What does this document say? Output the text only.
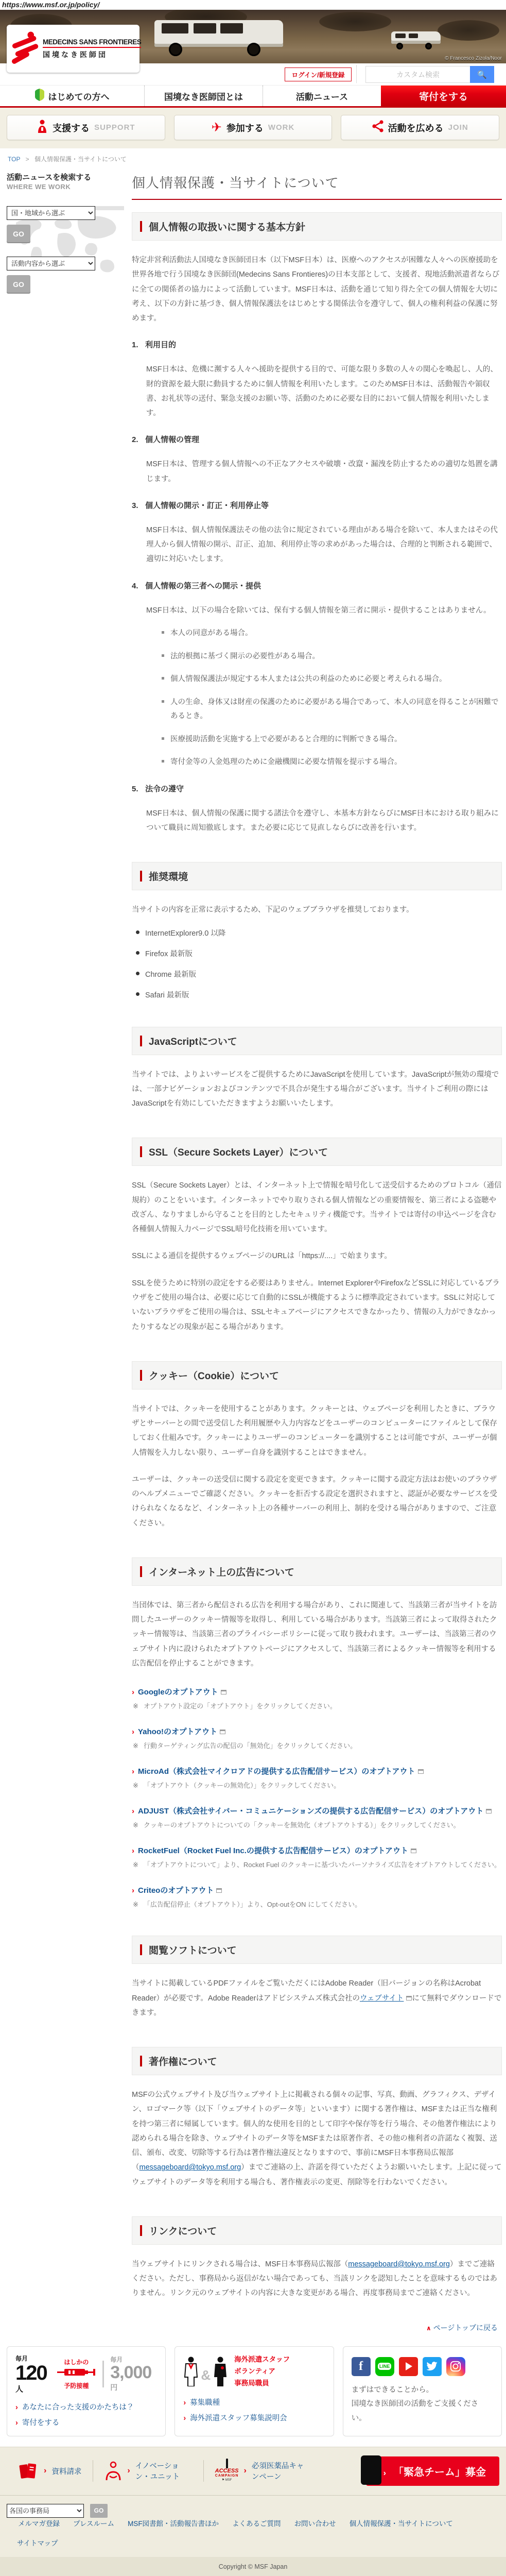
https://www.msf.or.jp/policy/
© Francesco Zizola/Noor
MEDECINS SANS FRONTIERES
国境なき医師団
ログイン/新規登録
カスタム検索	🔍
はじめての方へ	国境なき医師団とは	活動ニュース	寄付をする
支援する SUPPORT	✈ 参加する WORK	活動を広める JOIN
TOP > 個人情報保護・当サイトについて
活動ニュースを検索する
WHERE WE WORK
国・地域から選ぶ GO
活動内容から選ぶ GO
個人情報保護・当サイトについて
個人情報の取扱いに関する基本方針

特定非営利活動法人国境なき医師団日本（以下MSF日本）は、医療へのアクセスが困難な人々への医療援助を世界各地で行う国境なき医師団(Medecins Sans Frontieres)の日本支部として、支援者、現地活動派遣者ならびに全ての関係者の協力によって活動しています。MSF日本は、活動を通じて知り得た全ての個人情報を大切に考え、以下の方針に基づき、個人情報保護法をはじめとする関係法令を遵守して、個人の権利利益の保護に努めます。

1. 利用目的

MSF日本は、危機に瀕する人々へ援助を提供する目的で、可能な限り多数の人々の関心を喚起し、人的、財的資源を最大限に動員するために個人情報を利用いたします。このためMSF日本は、活動報告や領収書、お礼状等の送付、緊急支援のお願い等、活動のために必要な目的において個人情報を利用いたします。

2. 個人情報の管理

MSF日本は、管理する個人情報への不正なアクセスや破壊・改竄・漏洩を防止するための適切な処置を講じます。

3. 個人情報の開示・訂正・利用停止等

MSF日本は、個人情報保護法その他の法令に規定されている理由がある場合を除いて、本人またはその代理人から個人情報の開示、訂正、追加、利用停止等の求めがあった場合は、合理的と判断される範囲で、適切に対応いたします。

4. 個人情報の第三者への開示・提供

MSF日本は、以下の場合を除いては、保有する個人情報を第三者に開示・提供することはありません。

本人の同意がある場合。
法的根拠に基づく開示の必要性がある場合。
個人情報保護法が規定する本人または公共の利益のために必要と考えられる場合。
人の生命、身体又は財産の保護のために必要がある場合であって、本人の同意を得ることが困難であるとき。
医療援助活動を実施する上で必要があると合理的に判断できる場合。
寄付金等の入金処理のために金融機関に必要な情報を提示する場合。
5. 法令の遵守

MSF日本は、個人情報の保護に関する諸法令を遵守し、本基本方針ならびにMSF日本における取り組みについて職員に周知徹底します。また必要に応じて見直しならびに改善を行います。

推奨環境

当サイトの内容を正常に表示するため、下記のウェブブラウザを推奨しております。

InternetExplorer9.0 以降
Firefox 最新版
Chrome 最新版
Safari 最新版
JavaScriptについて

当サイトでは、よりよいサービスをご提供するためにJavaScriptを使用しています。JavaScriptが無効の環境では、一部ナビゲーションおよびコンテンツで不具合が発生する場合がございます。当サイトご利用の際にはJavaScriptを有効にしていただきますようお願いいたします。

SSL（Secure Sockets Layer）について

SSL（Secure Sockets Layer）とは、インターネット上で情報を暗号化して送受信するためのプロトコル（通信規約）のことをいいます。インターネットでやり取りされる個人情報などの重要情報を、第三者による盗聴や改ざん、なりすましから守ることを目的としたセキュリティ機能です。当サイトでは寄付の申込ページを含む各種個人情報入力ページでSSL暗号化技術を用いています。

SSLによる通信を提供するウェブページのURLは「https://....」で始まります。

SSLを使うために特別の設定をする必要はありません。Internet ExplorerやFirefoxなどSSLに対応しているブラウザをご使用の場合は、必要に応じて自動的にSSLが機能するように標準設定されています。SSLに対応していないブラウザをご使用の場合は、SSLセキュアページにアクセスできなかったり、情報の入力ができなかったりするなどの現象が起こる場合があります。

クッキー（Cookie）について

当サイトでは、クッキーを使用することがあります。クッキーとは、ウェブページを利用したときに、ブラウザとサーバーとの間で送受信した利用履歴や入力内容などをユーザーのコンピューターにファイルとして保存しておく仕組みです。クッキーによりユーザーのコンピューターを識別することは可能ですが、ユーザーが個人情報を入力しない限り、ユーザー自身を識別することはできません。

ユーザーは、クッキーの送受信に関する設定を変更できます。クッキーに関する設定方法はお使いのブラウザのヘルプメニューでご確認ください。クッキーを拒否する設定を選択されますと、認証が必要なサービスを受けられなくなるなど、インターネット上の各種サーバーの利用上、制約を受ける場合がありますので、ご注意ください。

インターネット上の広告について

当団体では、第三者から配信される広告を利用する場合があり、これに関連して、当該第三者が当サイトを訪問したユーザーのクッキー情報等を取得し、利用している場合があります。当該第三者によって取得されたクッキー情報等は、当該第三者のプライバシーポリシーに従って取り扱われます。ユーザーは、当該第三者のウェブサイト内に設けられたオプトアウトページにアクセスして、当該第三者によるクッキー情報等を利用する広告配信を停止することができます。

› Googleのオプトアウト
※ オプトアウト設定の「オプトアウト」をクリックしてください。
› Yahoo!のオプトアウト
※ 行動ターゲティング広告の配信の「無効化」をクリックしてください。
› MicroAd（株式会社マイクロアドの提供する広告配信サービス）のオプトアウト
※ 「オプトアウト（クッキーの無効化）」をクリックしてください。
› ADJUST（株式会社サイバー・コミュニケーションズの提供する広告配信サービス）のオプトアウト
※ クッキーのオプトアウトについての「クッキーを無効化（オプトアウトする）」をクリックしてください。
› RocketFuel（Rocket Fuel Inc.の提供する広告配信サービス）のオプトアウト
※ 「オプトアウトについて」より、Rocket Fuel のクッキーに基づいたパーソナライズ広告をオプトアウトしてください。
› Criteoのオプトアウト
※ 「広告配信停止（オプトアウト）」より、Opt-outをON にしてください。
閲覧ソフトについて

当サイトに掲載しているPDFファイルをご覧いただくにはAdobe Reader（旧バージョンの名称はAcrobat Reader）が必要です。Adobe Readerはアドビシステムズ株式会社のウェブサイト にて無料でダウンロードできます。

著作権について

MSFの公式ウェブサイト及び当ウェブサイト上に掲載される個々の記事、写真、動画、グラフィクス、デザイン、ロゴマーク等（以下「ウェブサイトのデータ等」といいます）に関する著作権は、MSFまたは正当な権利を持つ第三者に帰属しています。個人的な使用を目的として印字や保存等を行う場合、その他著作権法により認められる場合を除き、ウェブサイトのデータ等をMSFまたは原著作者、その他の権利者の許諾なく複製、送信、頒布、改変、切除等する行為は著作権法違反となりますので、事前にMSF日本事務局広報部（messageboard@tokyo.msf.org）までご連絡の上、許諾を得ていただくようお願いいたします。上記に従ってウェブサイトのデータ等を利用する場合も、著作権表示の変更、削除等を行わないでください。

リンクについて

当ウェブサイトにリンクされる場合は、MSF日本事務局広報部（messageboard@tokyo.msf.org）までご連絡ください。ただし、事務局から返信がない場合であっても、当該リンクを認知したことを意味するものではありません。リンク元のウェブサイトの内容に大きな変更がある場合、再度事務局までご連絡ください。

∧ ページトップに戻る
毎月
120人
はしかの
予防接種
毎月
3,000円
› あなたに合った支援のかたちは？
› 寄付をする
&
海外派遣スタッフ
ボランティア
事務局職員
› 募集職種
› 海外派遣スタッフ募集説明会
f	LINE
まずはできることから。
国境なき医師団の活動をご支援ください。
› 資料請求	› イノベーション・ユニット
ACCESS
CAMPAIGN
⚑ MSF
› 必須医薬品キャンペーン	› 「緊急チーム」募金
各国の事務局
GO
メルマガ登録 プレスルーム MSF図書館・活動報告書ほか よくあるご質問 お問い合わせ 個人情報保護・当サイトについて
サイトマップ
Copyright © MSF Japan
